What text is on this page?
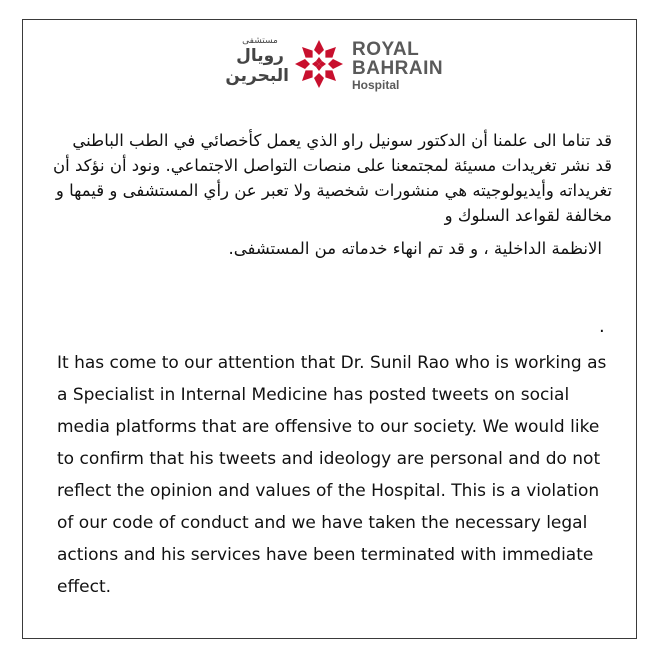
مستشفى
رويال
البحرين
ROYAL
BAHRAIN
Hospital

قد تناما الى علمنا أن الدكتور سونيل راو الذي يعمل كأخصائي في الطب الباطني قد نشر تغريدات مسيئة لمجتمعنا على منصات التواصل الاجتماعي. ونود أن نؤكد أن تغريداته وأيديولوجيته هي منشورات شخصية ولا تعبر عن رأي المستشفى و قيمها و مخالفة لقواعد السلوك و

الانظمة الداخلية ، و قد تم انهاء خدماته من المستشفى.

.

It has come to our attention that Dr. Sunil Rao who is working as a Specialist in Internal Medicine has posted tweets on social media platforms that are offensive to our society. We would like to confirm that his tweets and ideology are personal and do not reflect the opinion and values of the Hospital. This is a violation of our code of conduct and we have taken the necessary legal actions and his services have been terminated with immediate effect.
